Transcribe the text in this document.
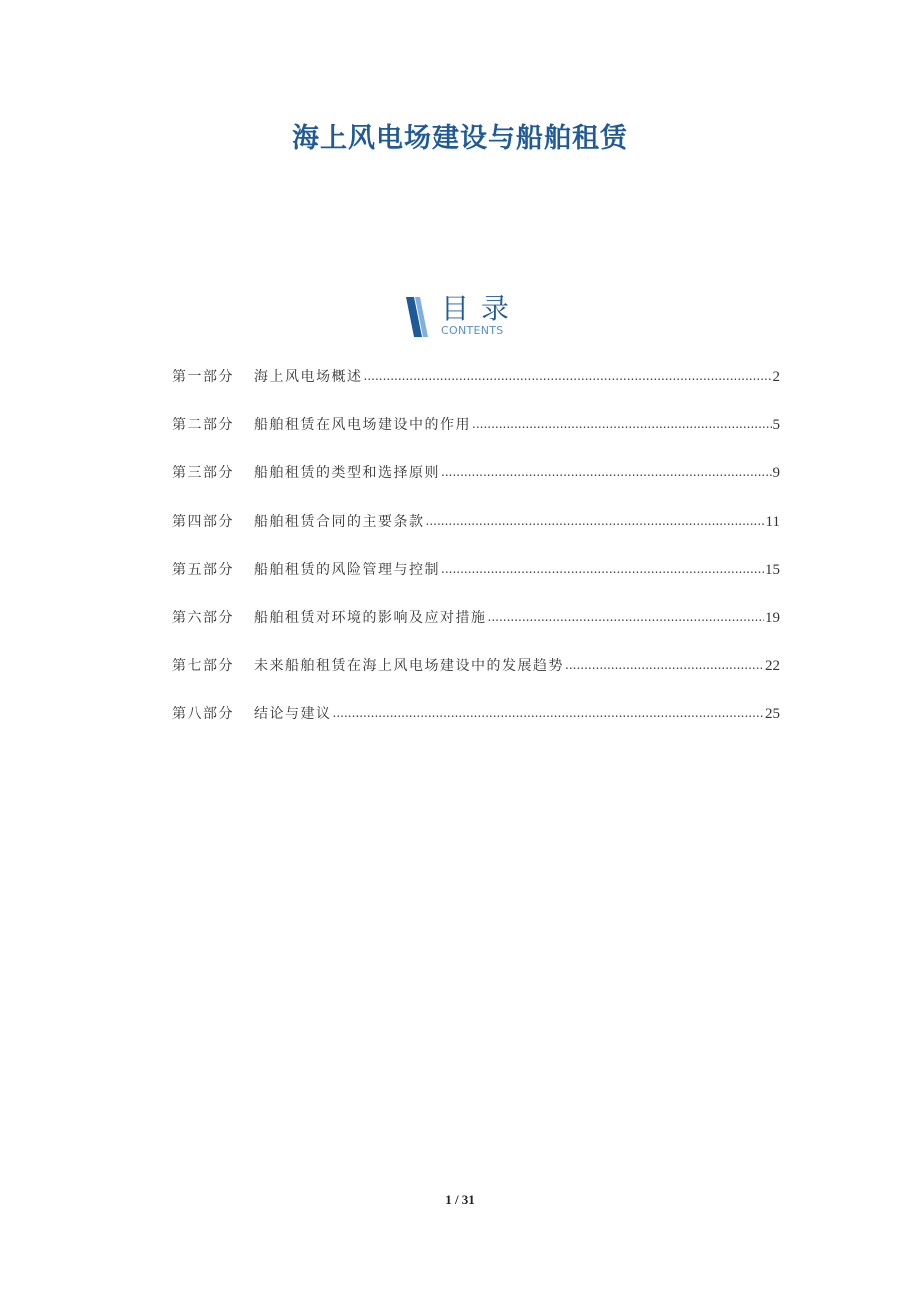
海上风电场建设与船舶租赁
目录
CONTENTS
第一部分	海上风电场概述 .....	2
第二部分	船舶租赁在风电场建设中的作用 .....	5
第三部分	船舶租赁的类型和选择原则 .....	9
第四部分	船舶租赁合同的主要条款 .....	11
第五部分	船舶租赁的风险管理与控制 .....	15
第六部分	船舶租赁对环境的影响及应对措施 .....	19
第七部分	未来船舶租赁在海上风电场建设中的发展趋势 .....	22
第八部分	结论与建议 .....	25
1 / 31
